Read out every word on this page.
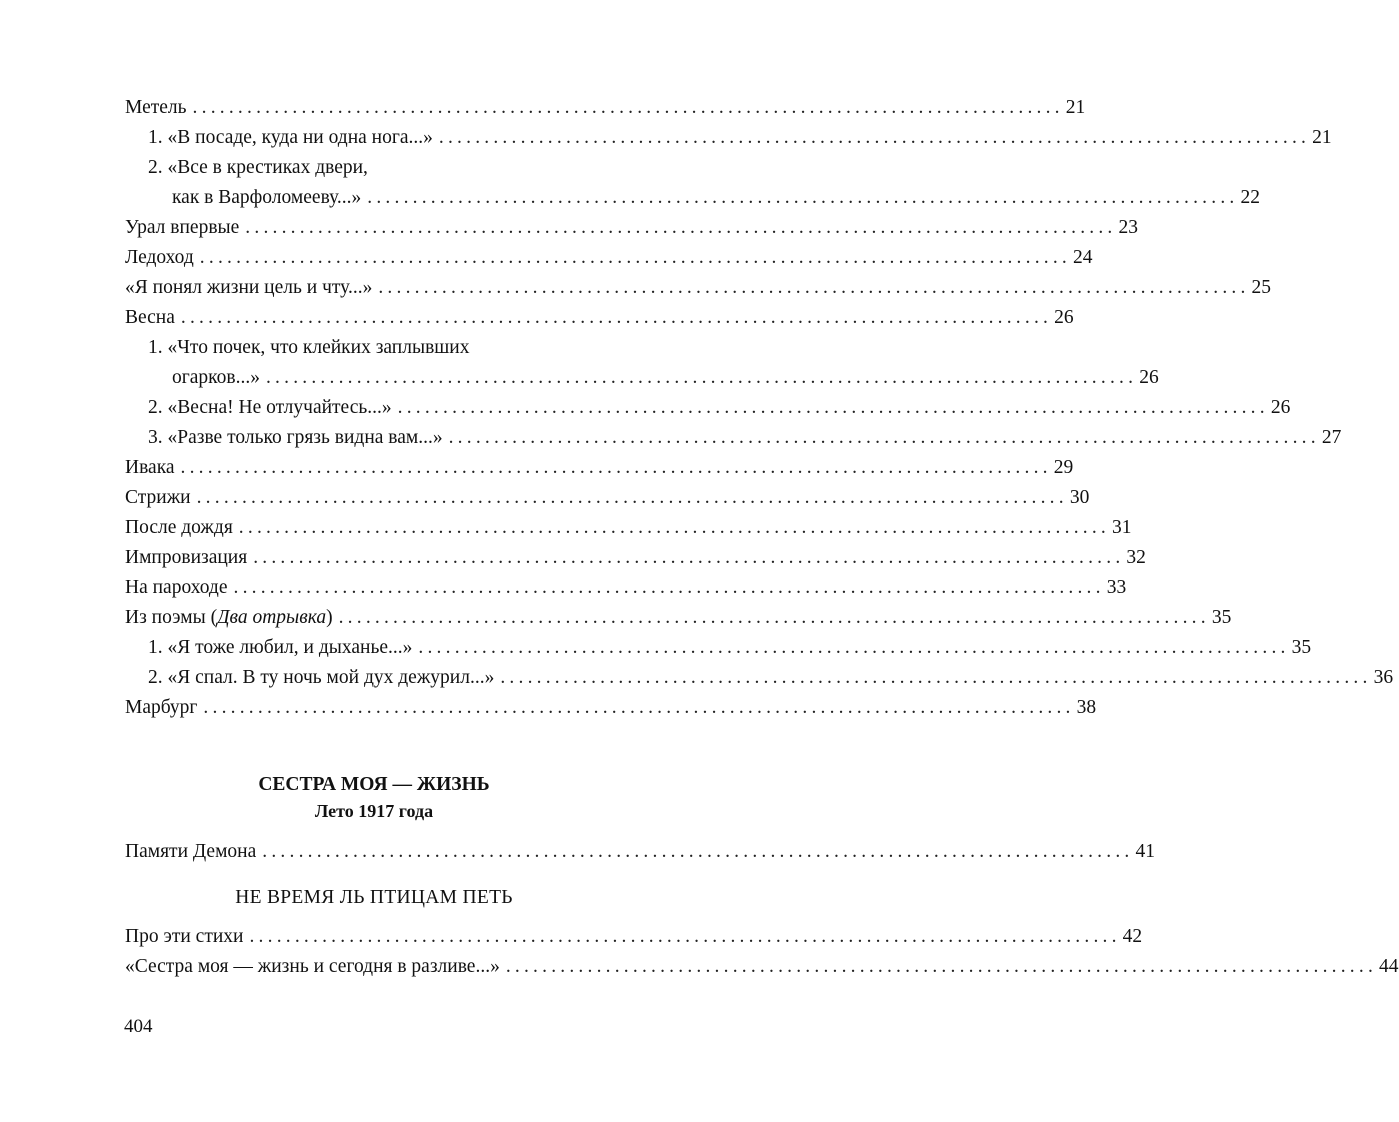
Метель ................................................................................................ 21
1. «В посаде, куда ни одна нога...» ................................................................................................ 21
2. «Все в крестиках двери,
как в Варфоломееву...» ................................................................................................ 22
Урал впервые ................................................................................................ 23
Ледоход ................................................................................................ 24
«Я понял жизни цель и чту...» ................................................................................................ 25
Весна ................................................................................................ 26
1. «Что почек, что клейких заплывших
огарков...» ................................................................................................ 26
2. «Весна! Не отлучайтесь...» ................................................................................................ 26
3. «Разве только грязь видна вам...» ................................................................................................ 27
Ивака ................................................................................................ 29
Стрижи ................................................................................................ 30
После дождя ................................................................................................ 31
Импровизация ................................................................................................ 32
На пароходе ................................................................................................ 33
Из поэмы (Два отрывка) ................................................................................................ 35
1. «Я тоже любил, и дыханье...» ................................................................................................ 35
2. «Я спал. В ту ночь мой дух дежурил...» ................................................................................................ 36
Марбург ................................................................................................ 38
СЕСТРА МОЯ — ЖИЗНЬ
Лето 1917 года
Памяти Демона ................................................................................................ 41
НЕ ВРЕМЯ ЛЬ ПТИЦАМ ПЕТЬ
Про эти стихи ................................................................................................ 42
«Сестра моя — жизнь и сегодня в разливе...» ................................................................................................ 44
404
